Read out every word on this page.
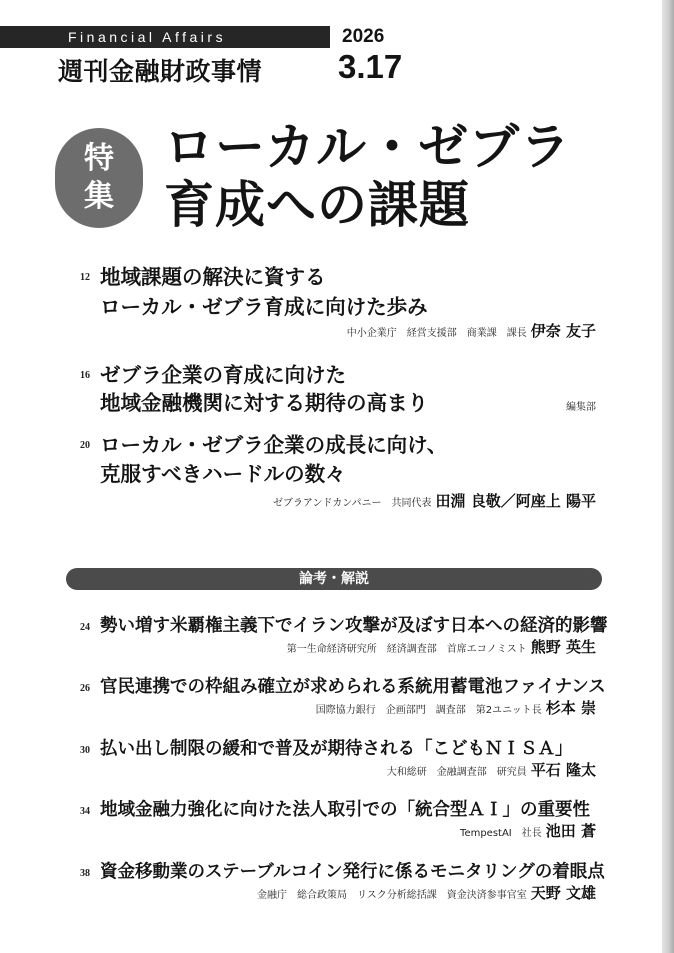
Financial Affairs	2026
週刊金融財政事情 3.17
特
集
ローカル・ゼブラ
育成への課題
12 地域課題の解決に資する
ローカル・ゼブラ育成に向けた歩み
中小企業庁　経営支援部　商業課　課長 伊奈 友子
16 ゼブラ企業の育成に向けた
地域金融機関に対する期待の高まり	編集部
20 ローカル・ゼブラ企業の成長に向け、
克服すべきハードルの数々
ゼブラアンドカンパニー　共同代表 田淵 良敬／阿座上 陽平
論考・解説
24 勢い増す米覇権主義下でイラン攻撃が及ぼす日本への経済的影響
第一生命経済研究所　経済調査部　首席エコノミスト 熊野 英生
26 官民連携での枠組み確立が求められる系統用蓄電池ファイナンス
国際協力銀行　企画部門　調査部　第2ユニット長 杉本 崇
30 払い出し制限の緩和で普及が期待される「こどもＮＩＳＡ」
大和総研　金融調査部　研究員 平石 隆太
34 地域金融力強化に向けた法人取引での「統合型ＡＩ」の重要性
TempestAI　社長 池田 蒼
38 資金移動業のステーブルコイン発行に係るモニタリングの着眼点
金融庁　総合政策局　リスク分析総括課　資金決済参事官室 天野 文雄
